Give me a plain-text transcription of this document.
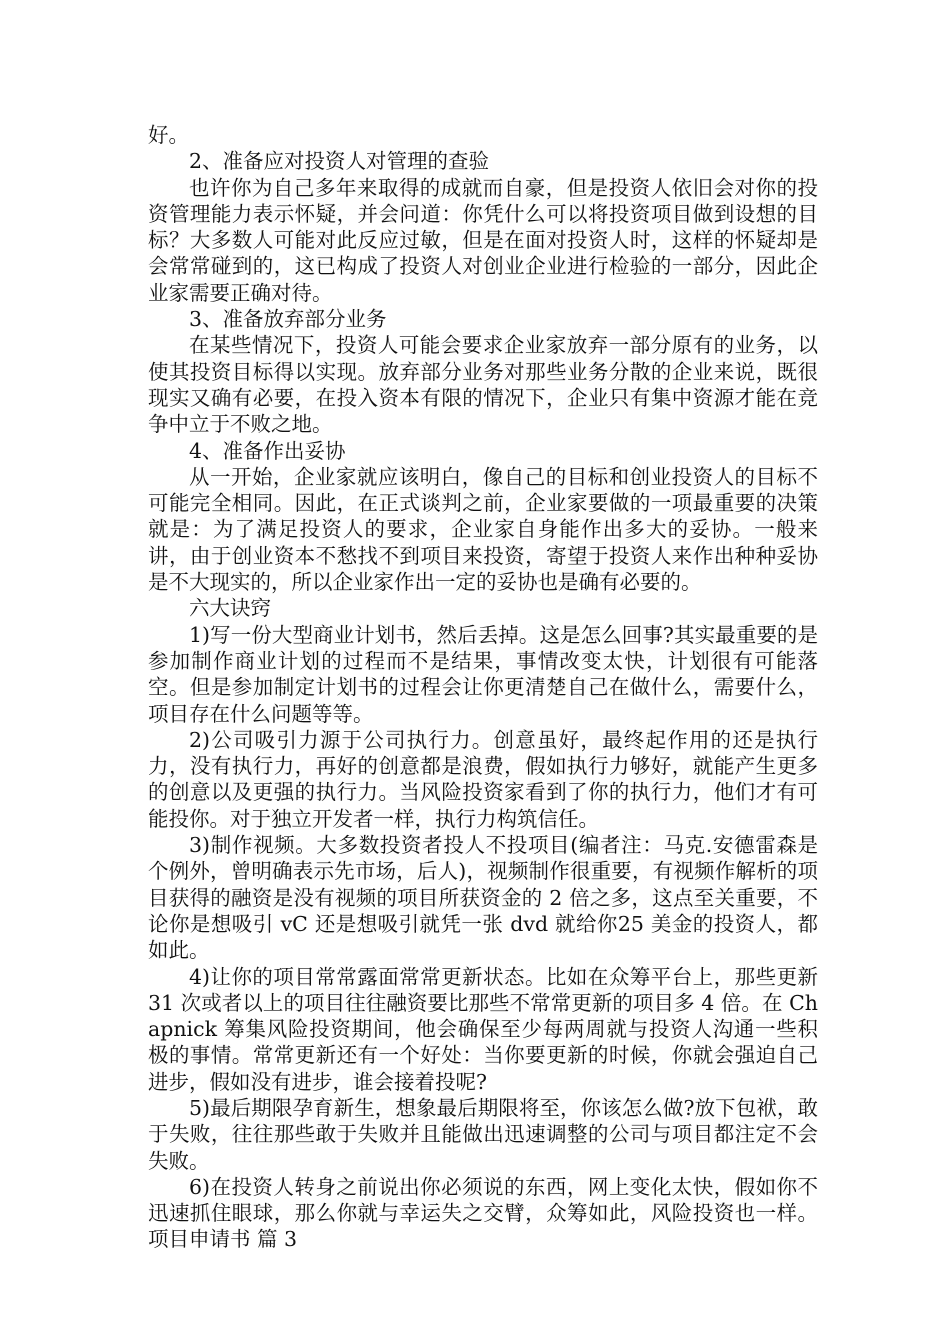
好。

2、准备应对投资人对管理的查验

也许你为自己多年来取得的成就而自豪，但是投资人依旧会对你的投资管理能力表示怀疑，并会问道：你凭什么可以将投资项目做到设想的目标？大多数人可能对此反应过敏，但是在面对投资人时，这样的怀疑却是会常常碰到的，这已构成了投资人对创业企业进行检验的一部分，因此企业家需要正确对待。

3、准备放弃部分业务

在某些情况下，投资人可能会要求企业家放弃一部分原有的业务，以使其投资目标得以实现。放弃部分业务对那些业务分散的企业来说，既很现实又确有必要，在投入资本有限的情况下，企业只有集中资源才能在竞争中立于不败之地。

4、准备作出妥协

从一开始，企业家就应该明白，像自己的目标和创业投资人的目标不可能完全相同。因此，在正式谈判之前，企业家要做的一项最重要的决策就是：为了满足投资人的要求，企业家自身能作出多大的妥协。一般来讲，由于创业资本不愁找不到项目来投资，寄望于投资人来作出种种妥协是不大现实的，所以企业家作出一定的妥协也是确有必要的。

六大诀窍

1)写一份大型商业计划书，然后丢掉。这是怎么回事?其实最重要的是参加制作商业计划的过程而不是结果，事情改变太快，计划很有可能落空。但是参加制定计划书的过程会让你更清楚自己在做什么，需要什么，项目存在什么问题等等。

2)公司吸引力源于公司执行力。创意虽好，最终起作用的还是执行力，没有执行力，再好的创意都是浪费，假如执行力够好，就能产生更多的创意以及更强的执行力。当风险投资家看到了你的执行力，他们才有可能投你。对于独立开发者一样，执行力构筑信任。

3)制作视频。大多数投资者投人不投项目(编者注：马克.安德雷森是个例外，曾明确表示先市场，后人)，视频制作很重要，有视频作解析的项目获得的融资是没有视频的项目所获资金的 2 倍之多，这点至关重要，不论你是想吸引 vC 还是想吸引就凭一张 dvd 就给你25 美金的投资人，都如此。

4)让你的项目常常露面常常更新状态。比如在众筹平台上，那些更新 31 次或者以上的项目往往融资要比那些不常常更新的项目多 4 倍。在 Chapnick 筹集风险投资期间，他会确保至少每两周就与投资人沟通一些积极的事情。常常更新还有一个好处：当你要更新的时候，你就会强迫自己进步，假如没有进步，谁会接着投呢?

5)最后期限孕育新生，想象最后期限将至，你该怎么做?放下包袱，敢于失败，往往那些敢于失败并且能做出迅速调整的公司与项目都注定不会失败。

6)在投资人转身之前说出你必须说的东西，网上变化太快，假如你不迅速抓住眼球，那么你就与幸运失之交臂，众筹如此，风险投资也一样。项目申请书 篇 3
